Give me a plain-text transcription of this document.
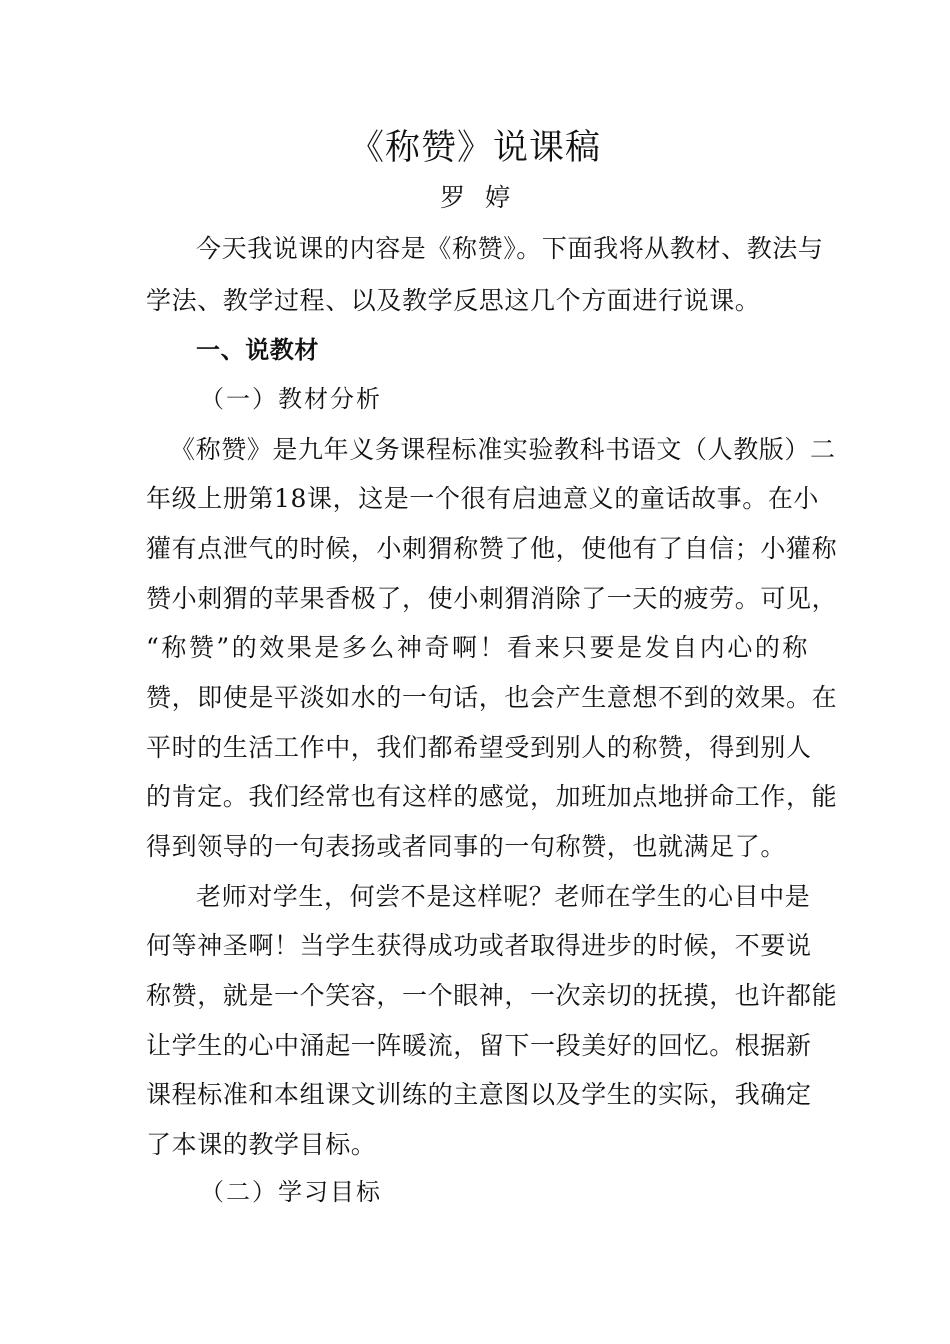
《称赞》说课稿
罗婷
今天我说课的内容是《称赞》。下面我将从教材、教法与
学法、教学过程、以及教学反思这几个方面进行说课。
一、说教材
（一）教材分析
《称赞》是九年义务课程标准实验教科书语文（人教版）二
年级上册第18课，这是一个很有启迪意义的童话故事。在小
獾有点泄气的时候，小刺猬称赞了他，使他有了自信；小獾称
赞小刺猬的苹果香极了，使小刺猬消除了一天的疲劳。可见，
“称赞”的效果是多么神奇啊！看来只要是发自内心的称
赞，即使是平淡如水的一句话，也会产生意想不到的效果。在
平时的生活工作中，我们都希望受到别人的称赞，得到别人
的肯定。我们经常也有这样的感觉，加班加点地拼命工作，能
得到领导的一句表扬或者同事的一句称赞，也就满足了。
老师对学生，何尝不是这样呢？老师在学生的心目中是
何等神圣啊！当学生获得成功或者取得进步的时候，不要说
称赞，就是一个笑容，一个眼神，一次亲切的抚摸，也许都能
让学生的心中涌起一阵暖流，留下一段美好的回忆。根据新
课程标准和本组课文训练的主意图以及学生的实际，我确定
了本课的教学目标。
（二）学习目标
